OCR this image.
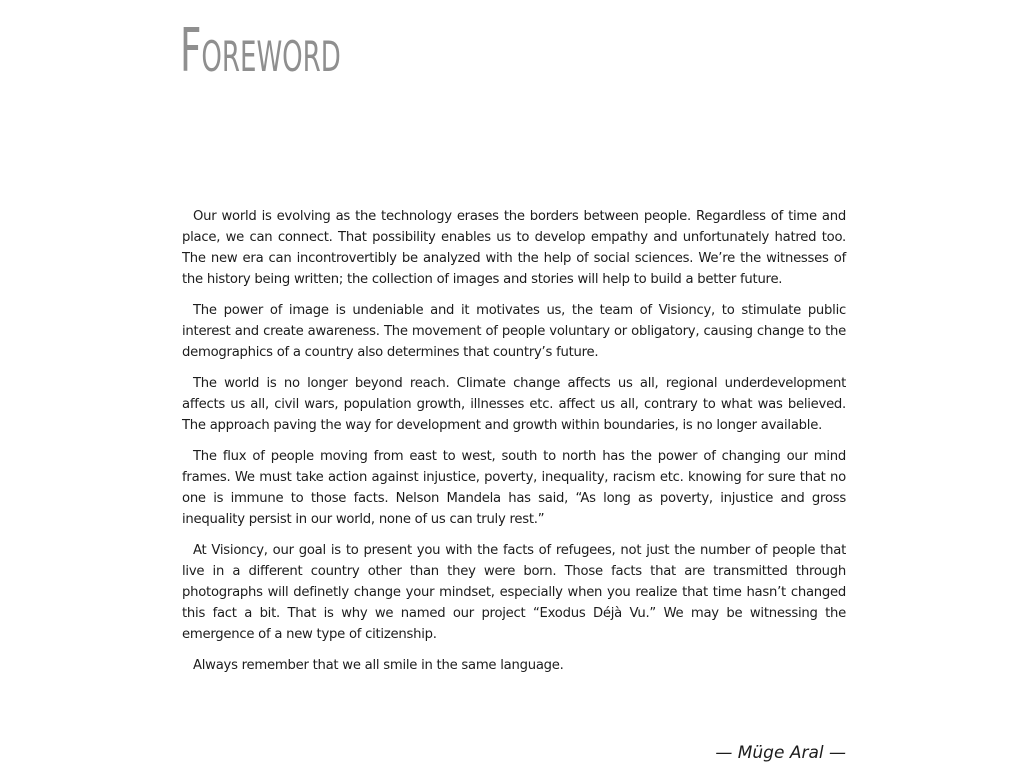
Foreword

Our world is evolving as the technology erases the borders between people. Regardless of time and place, we can connect. That possibility enables us to develop empathy and unfortunately hatred too. The new era can incontrovertibly be analyzed with the help of social sciences. We’re the witnesses of the history being written; the collection of images and stories will help to build a better future.

The power of image is undeniable and it motivates us, the team of Visioncy, to stimulate public interest and create awareness. The movement of people voluntary or obligatory, causing change to the demographics of a country also determines that country’s future.

The world is no longer beyond reach. Climate change affects us all, regional underdevelopment affects us all, civil wars, population growth, illnesses etc. affect us all, contrary to what was believed. The approach paving the way for development and growth within boundaries, is no longer available.

The flux of people moving from east to west, south to north has the power of changing our mind frames. We must take action against injustice, poverty, inequality, racism etc. knowing for sure that no one is immune to those facts. Nelson Mandela has said, “As long as poverty, injustice and gross inequality persist in our world, none of us can truly rest.”

At Visioncy, our goal is to present you with the facts of refugees, not just the number of people that live in a different country other than they were born. Those facts that are transmitted through photographs will definetly change your mindset, especially when you realize that time hasn’t changed this fact a bit. That is why we named our project “Exodus Déjà Vu.” We may be witnessing the emergence of a new type of citizenship.

Always remember that we all smile in the same language.

— Müge Aral —
